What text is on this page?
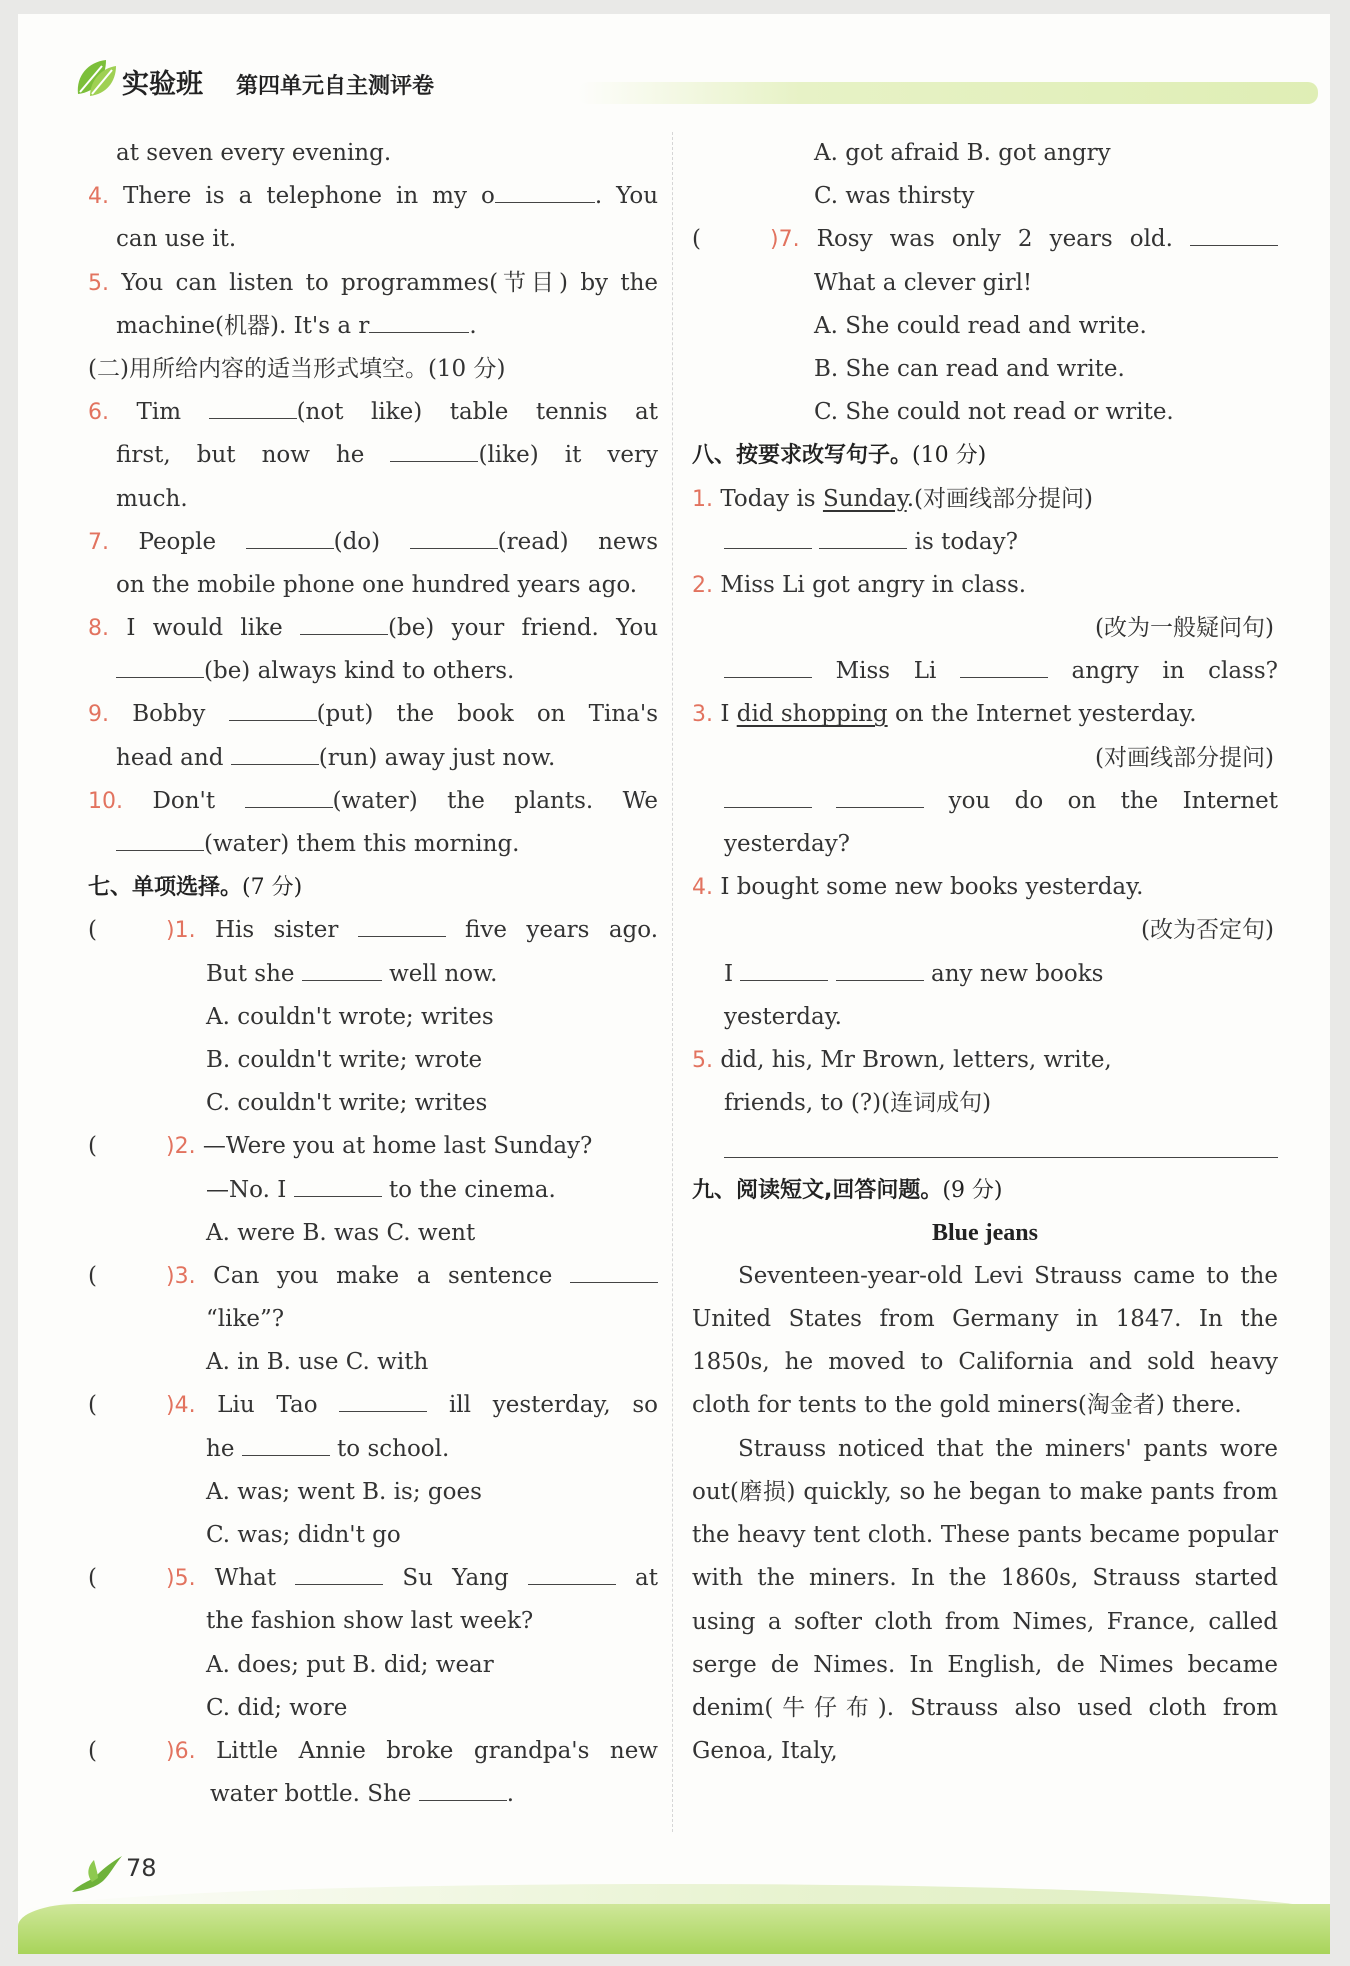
实验班 第四单元自主测评卷
at seven every evening.
4. There is a telephone in my o	. You
can use it.
5. You can listen to programmes(节目) by the
machine(机器). It's a r	.
(二)用所给内容的适当形式填空。(10 分)
6. Tim	(not like) table tennis at
first, but now he	(like) it very
much.
7. People	(do)	(read) news
on the mobile phone one hundred years ago.
8. I would like	(be) your friend. You
(be) always kind to others.
9. Bobby	(put) the book on Tina's
head and	(run) away just now.
10. Don't	(water) the plants. We
(water) them this morning.
七、单项选择。(7 分)
(	)1. His sister	five years ago.
But she	well now.
A. couldn't wrote; writes
B. couldn't write; wrote
C. couldn't write; writes
(	)2. —Were you at home last Sunday?
—No. I	to the cinema.
A. were B. was C. went
(	)3. Can you make a sentence
“like”?
A. in B. use C. with
(	)4. Liu Tao	ill yesterday, so
he	to school.
A. was; went B. is; goes
C. was; didn't go
(	)5. What	Su Yang	at
the fashion show last week?
A. does; put B. did; wear
C. did; wore
(	)6. Little Annie broke grandpa's new
water bottle. She	.
A. got afraid B. got angry
C. was thirsty
(	)7. Rosy was only 2 years old.
What a clever girl!
A. She could read and write.
B. She can read and write.
C. She could not read or write.
八、按要求改写句子。(10 分)
1. Today is Sunday.(对画线部分提问)
is today?
2. Miss Li got angry in class.
(改为一般疑问句)
Miss Li	angry in class?
3. I did shopping on the Internet yesterday.
(对画线部分提问)
you do on the Internet
yesterday?
4. I bought some new books yesterday.
(改为否定句)
I	any new books
yesterday.
5. did, his, Mr Brown, letters, write,
friends, to (?)(连词成句)
九、阅读短文,回答问题。(9 分)
Blue jeans

Seventeen-year-old Levi Strauss came to the United States from Germany in 1847. In the 1850s, he moved to California and sold heavy cloth for tents to the gold miners(淘金者) there.

Strauss noticed that the miners' pants wore out(磨损) quickly, so he began to make pants from the heavy tent cloth. These pants became popular with the miners. In the 1860s, Strauss started using a softer cloth from Nimes, France, called serge de Nimes. In English, de Nimes became denim(牛仔布). Strauss also used cloth from Genoa, Italy,

78
